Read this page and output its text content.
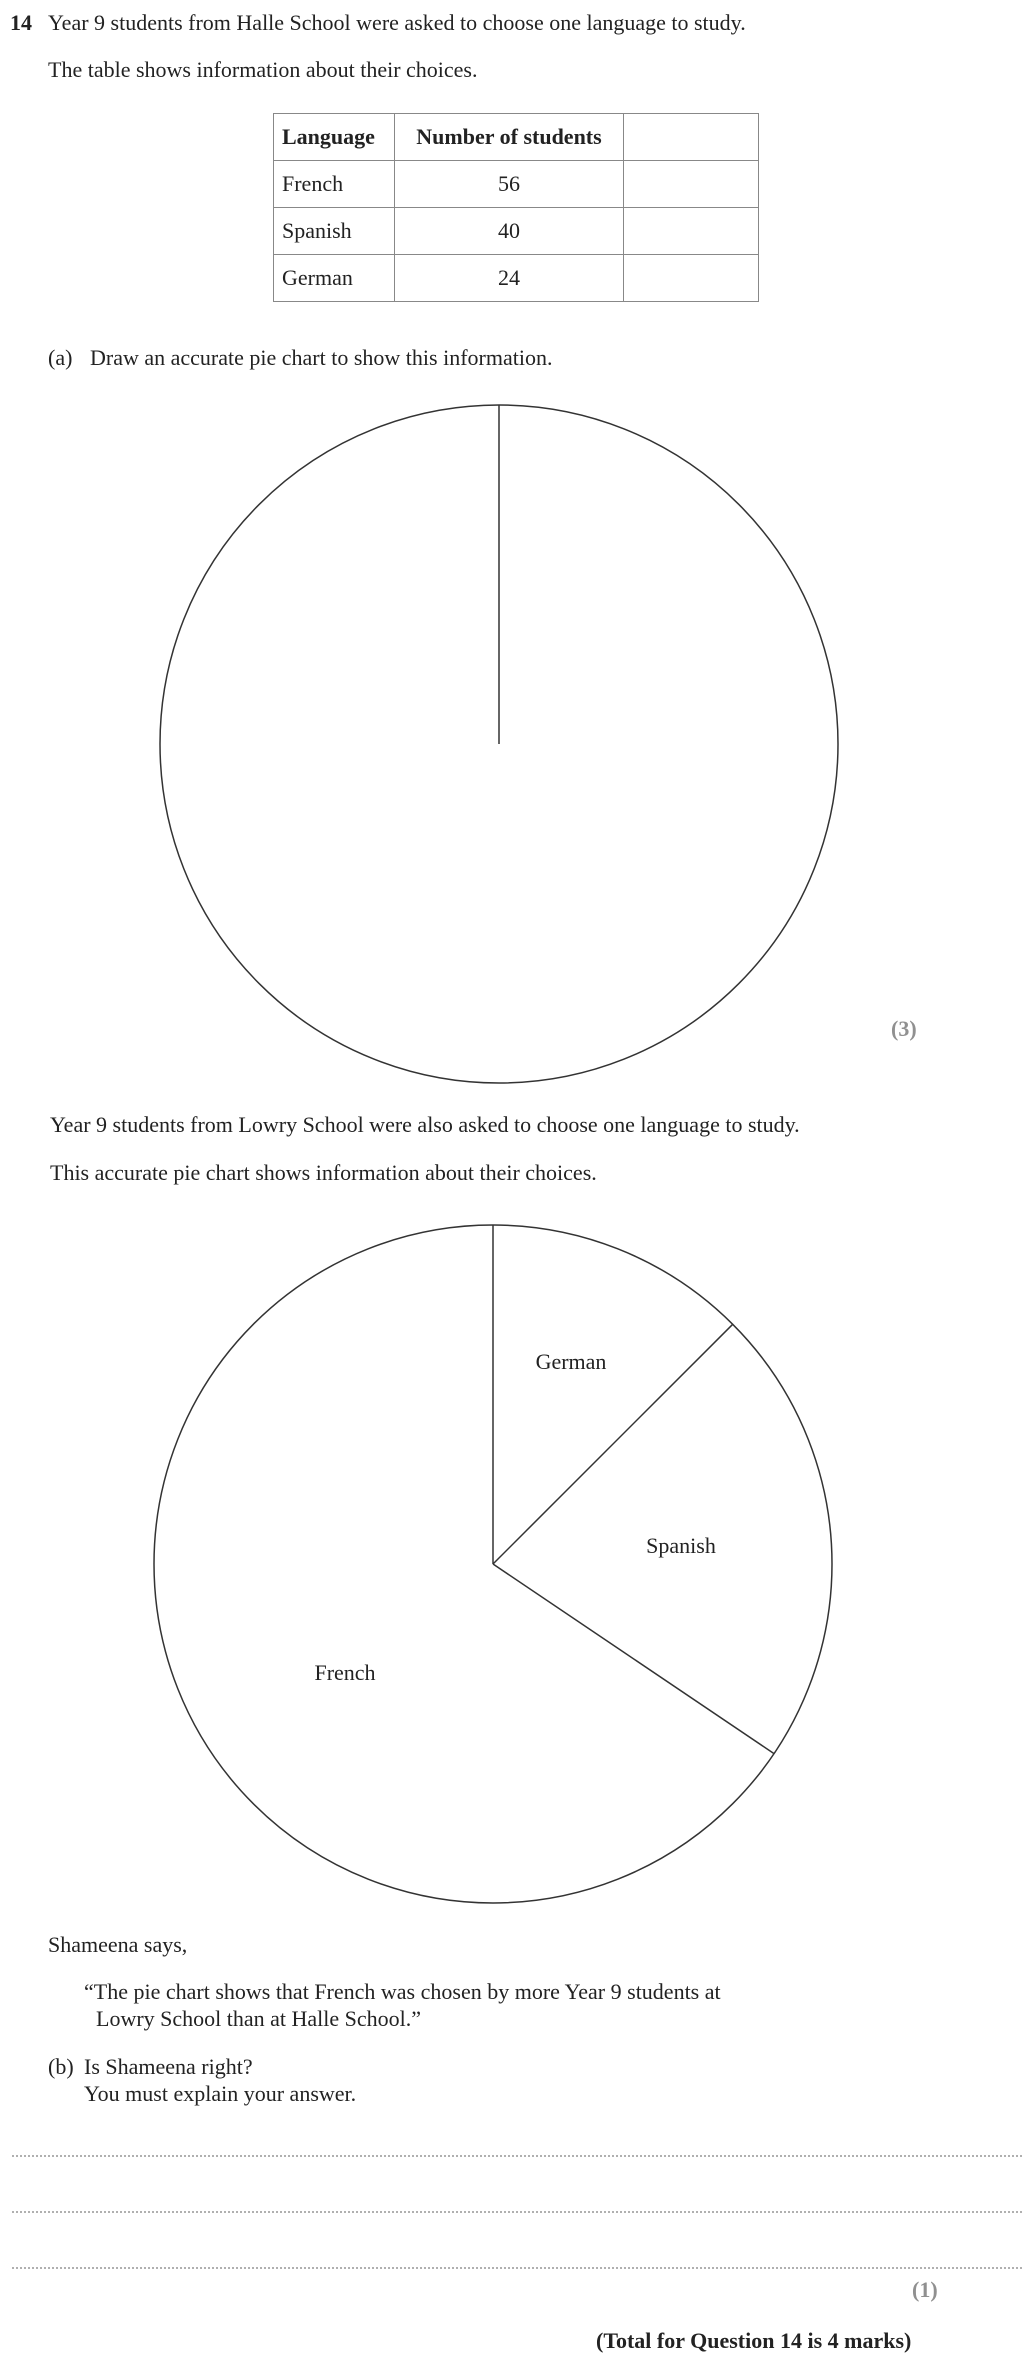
14 Year 9 students from Halle School were asked to choose one language to study.
The table shows information about their choices.
Language	Number of students	
French	56	
Spanish	40	
German	24	
(a) Draw an accurate pie chart to show this information.
German
Spanish
French
(3)
Year 9 students from Lowry School were also asked to choose one language to study.
This accurate pie chart shows information about their choices.
Shameena says,
“The pie chart shows that French was chosen by more Year 9 students at
Lowry School than at Halle School.”
(b) Is Shameena right?
You must explain your answer.
(1)
(Total for Question 14 is 4 marks)
